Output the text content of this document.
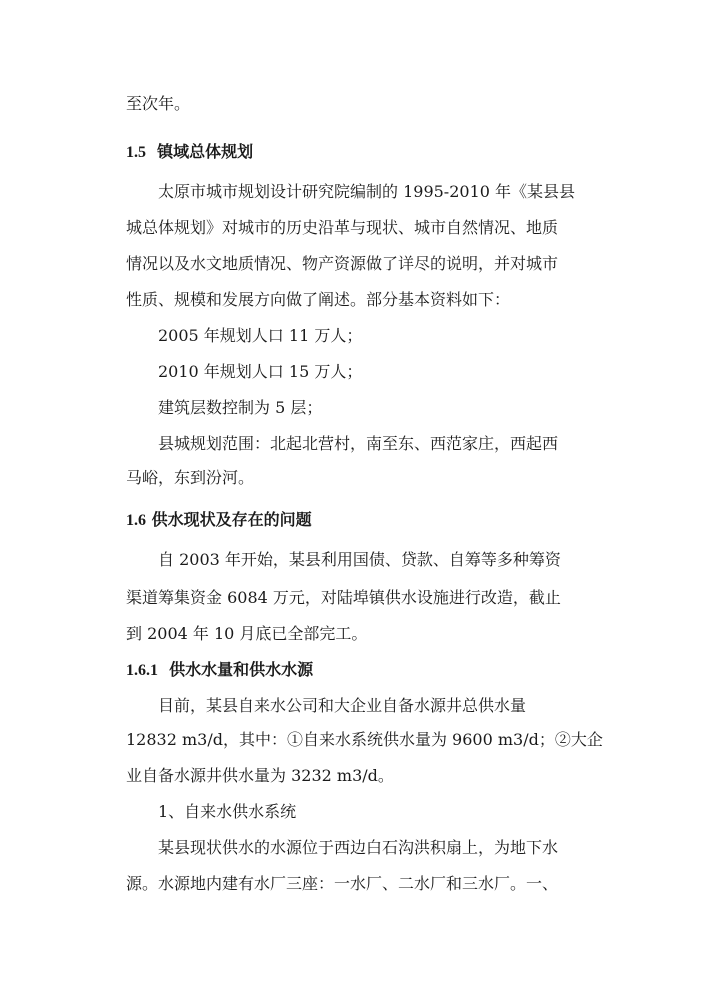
至次年。
1.5 镇域总体规划
太原市城市规划设计研究院编制的 1995-2010 年《某县县
城总体规划》对城市的历史沿革与现状、城市自然情况、地质
情况以及水文地质情况、物产资源做了详尽的说明，并对城市
性质、规模和发展方向做了阐述。部分基本资料如下：
2005 年规划人口 11 万人；
2010 年规划人口 15 万人；
建筑层数控制为 5 层；
县城规划范围：北起北营村，南至东、西范家庄，西起西
马峪，东到汾河。
1.6 供水现状及存在的问题
自 2003 年开始，某县利用国债、贷款、自筹等多种筹资
渠道筹集资金 6084 万元，对陆埠镇供水设施进行改造，截止
到 2004 年 10 月底已全部完工。
1.6.1 供水水量和供水水源
目前，某县自来水公司和大企业自备水源井总供水量
12832 m3/d，其中：①自来水系统供水量为 9600 m3/d；②大企
业自备水源井供水量为 3232 m3/d。
1、自来水供水系统
某县现状供水的水源位于西边白石沟洪积扇上，为地下水
源。水源地内建有水厂三座：一水厂、二水厂和三水厂。一、
